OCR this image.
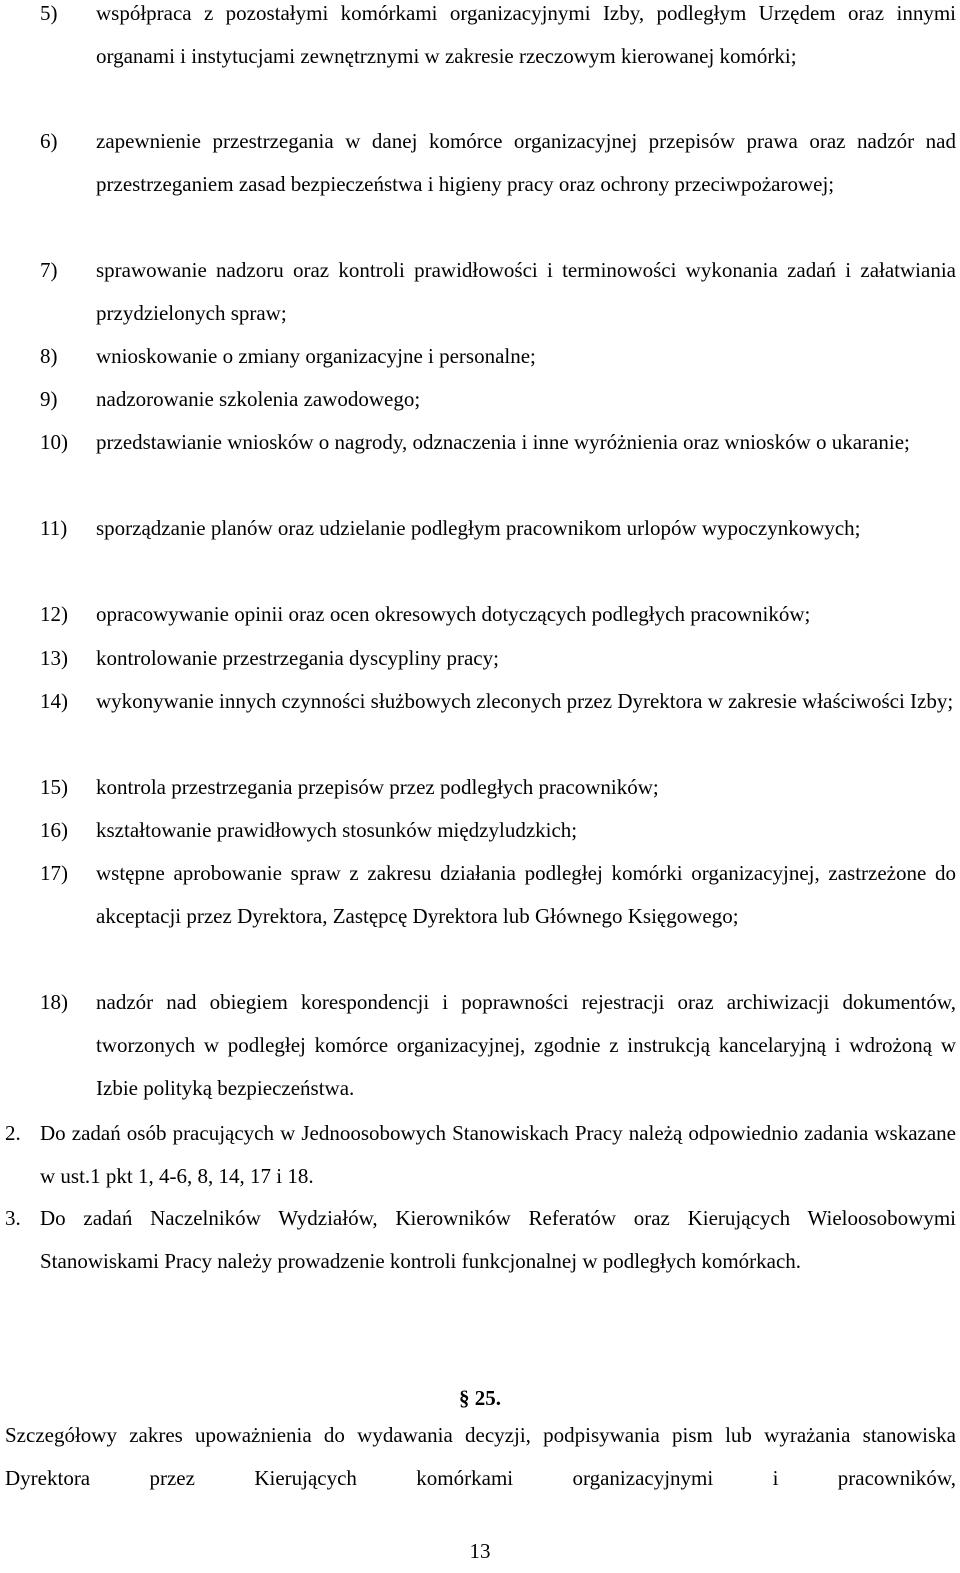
5) współpraca z pozostałymi komórkami organizacyjnymi Izby, podległym Urzędem oraz innymi organami i instytucjami zewnętrznymi w zakresie rzeczowym kierowanej komórki;
6) zapewnienie przestrzegania w danej komórce organizacyjnej przepisów prawa oraz nadzór nad przestrzeganiem zasad bezpieczeństwa i higieny pracy oraz ochrony przeciwpożarowej;
7) sprawowanie nadzoru oraz kontroli prawidłowości i terminowości wykonania zadań i załatwiania przydzielonych spraw;
8) wnioskowanie o zmiany organizacyjne i personalne;
9) nadzorowanie szkolenia zawodowego;
10) przedstawianie wniosków o nagrody, odznaczenia i inne wyróżnienia oraz wniosków o ukaranie;
11) sporządzanie planów oraz udzielanie podległym pracownikom urlopów wypoczynkowych;
12) opracowywanie opinii oraz ocen okresowych dotyczących podległych pracowników;
13) kontrolowanie przestrzegania dyscypliny pracy;
14) wykonywanie innych czynności służbowych zleconych przez Dyrektora w zakresie właściwości Izby;
15) kontrola przestrzegania przepisów przez podległych pracowników;
16) kształtowanie prawidłowych stosunków międzyludzkich;
17) wstępne aprobowanie spraw z zakresu działania podległej komórki organizacyjnej, zastrzeżone do akceptacji przez Dyrektora, Zastępcę Dyrektora lub Głównego Księgowego;
18) nadzór nad obiegiem korespondencji i poprawności rejestracji oraz archiwizacji dokumentów, tworzonych w podległej komórce organizacyjnej, zgodnie z instrukcją kancelaryjną i wdrożoną w Izbie polityką bezpieczeństwa.
2. Do zadań osób pracujących w Jednoosobowych Stanowiskach Pracy należą odpowiednio zadania wskazane w ust.1 pkt 1, 4-6, 8, 14, 17 i 18.
3. Do zadań Naczelników Wydziałów, Kierowników Referatów oraz Kierujących Wieloosobowymi Stanowiskami Pracy należy prowadzenie kontroli funkcjonalnej w podległych komórkach.
§ 25.
Szczegółowy zakres upoważnienia do wydawania decyzji, podpisywania pism lub wyrażania stanowiska Dyrektora przez Kierujących komórkami organizacyjnymi i pracowników,
13
